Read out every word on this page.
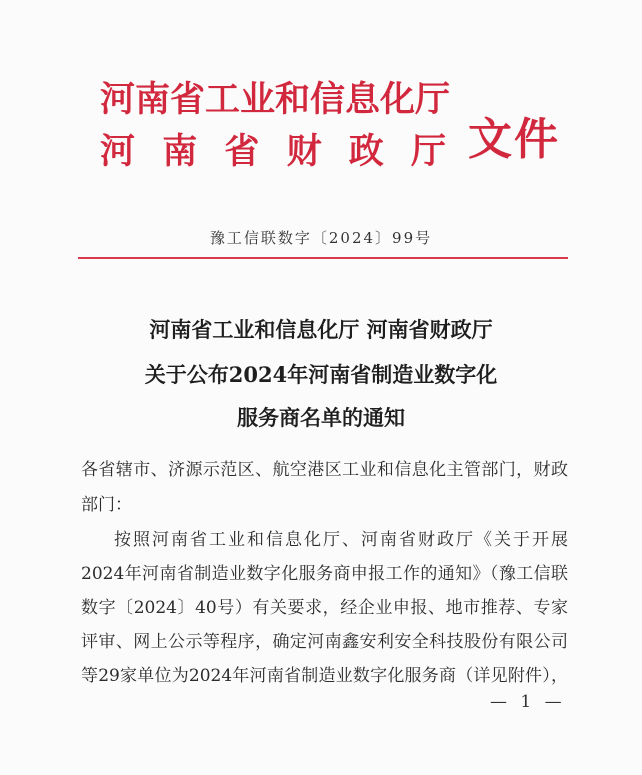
河南省工业和信息化厅
河 南 省 财 政 厅 文件
豫工信联数字〔2024〕99号
河南省工业和信息化厅 河南省财政厅
关于公布2024年河南省制造业数字化
服务商名单的通知
各省辖市、济源示范区、航空港区工业和信息化主管部门，财政
部门：
按照河南省工业和信息化厅、河南省财政厅《关于开展
2024年河南省制造业数字化服务商申报工作的通知》（豫工信联
数字〔2024〕40号）有关要求，经企业申报、地市推荐、专家
评审、网上公示等程序，确定河南鑫安利安全科技股份有限公司
等29家单位为2024年河南省制造业数字化服务商（详见附件），
— 1 —
